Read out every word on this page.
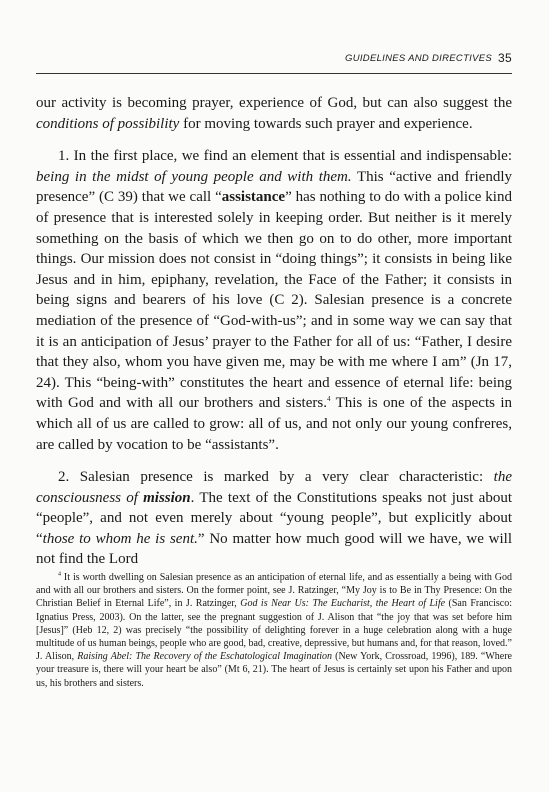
GUIDELINES AND DIRECTIVES 35

our activity is becoming prayer, experience of God, but can also suggest the conditions of possibility for moving towards such prayer and experience.

1. In the first place, we find an element that is essential and indispensable: being in the midst of young people and with them. This “active and friendly presence” (C 39) that we call “assistance” has nothing to do with a police kind of presence that is interested solely in keeping order. But neither is it merely something on the basis of which we then go on to do other, more important things. Our mission does not consist in “doing things”; it consists in being like Jesus and in him, epiphany, revelation, the Face of the Father; it consists in being signs and bearers of his love (C 2). Salesian presence is a concrete mediation of the presence of “God-with-us”; and in some way we can say that it is an anticipation of Jesus’ prayer to the Father for all of us: “Father, I desire that they also, whom you have given me, may be with me where I am” (Jn 17, 24). This “being-with” constitutes the heart and essence of eternal life: being with God and with all our brothers and sisters.$^4$ This is one of the aspects in which all of us are called to grow: all of us, and not only our young confreres, are called by vocation to be “assistants”.

2. Salesian presence is marked by a very clear characteristic: the consciousness of mission. The text of the Constitutions speaks not just about “people”, and not even merely about “young people”, but explicitly about “those to whom he is sent.” No matter how much good will we have, we will not find the Lord

$^4$ It is worth dwelling on Salesian presence as an anticipation of eternal life, and as essentially a being with God and with all our brothers and sisters. On the former point, see J. Ratzinger, “My Joy is to Be in Thy Presence: On the Christian Belief in Eternal Life”, in J. Ratzinger, God is Near Us: The Eucharist, the Heart of Life (San Francisco: Ignatius Press, 2003). On the latter, see the pregnant suggestion of J. Alison that “the joy that was set before him [Jesus]” (Heb 12, 2) was precisely “the possibility of delighting forever in a huge celebration along with a huge multitude of us human beings, people who are good, bad, creative, depressive, but humans and, for that reason, loved.” J. Alison, Raising Abel: The Recovery of the Eschatological Imagination (New York, Crossroad, 1996), 189. “Where your treasure is, there will your heart be also” (Mt 6, 21). The heart of Jesus is certainly set upon his Father and upon us, his brothers and sisters.
